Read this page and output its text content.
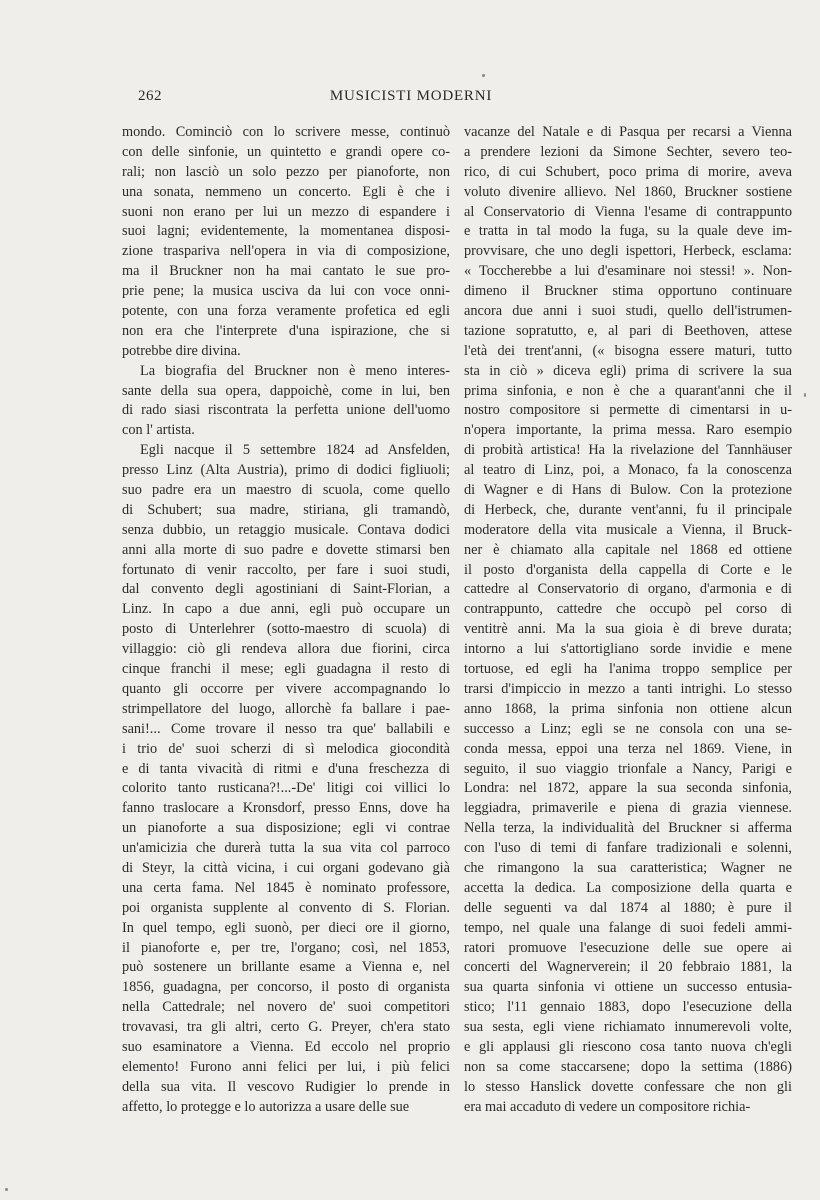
262	MUSICISTI MODERNI
mondo. Cominciò con lo scrivere messe, continuò
con delle sinfonie, un quintetto e grandi opere co-
rali; non lasciò un solo pezzo per pianoforte, non
una sonata, nemmeno un concerto. Egli è che i
suoni non erano per lui un mezzo di espandere i
suoi lagni; evidentemente, la momentanea disposi-
zione traspariva nell'opera in via di composizione,
ma il Bruckner non ha mai cantato le sue pro-
prie pene; la musica usciva da lui con voce onni-
potente, con una forza veramente profetica ed egli
non era che l'interprete d'una ispirazione, che si
potrebbe dire divina.
La biografia del Bruckner non è meno interes-
sante della sua opera, dappoichè, come in lui, ben
di rado siasi riscontrata la perfetta unione dell'uomo
con l' artista.
Egli nacque il 5 settembre 1824 ad Ansfelden,
presso Linz (Alta Austria), primo di dodici figliuoli;
suo padre era un maestro di scuola, come quello
di Schubert; sua madre, stiriana, gli tramandò,
senza dubbio, un retaggio musicale. Contava dodici
anni alla morte di suo padre e dovette stimarsi ben
fortunato di venir raccolto, per fare i suoi studi,
dal convento degli agostiniani di Saint-Florian, a
Linz. In capo a due anni, egli può occupare un
posto di Unterlehrer (sotto-maestro di scuola) di
villaggio: ciò gli rendeva allora due fiorini, circa
cinque franchi il mese; egli guadagna il resto di
quanto gli occorre per vivere accompagnando lo
strimpellatore del luogo, allorchè fa ballare i pae-
sani!... Come trovare il nesso tra que' ballabili e
i trio de' suoi scherzi di sì melodica giocondità
e di tanta vivacità di ritmi e d'una freschezza di
colorito tanto rusticana?!...-De' litigi coi villici lo
fanno traslocare a Kronsdorf, presso Enns, dove ha
un pianoforte a sua disposizione; egli vi contrae
un'amicizia che durerà tutta la sua vita col parroco
di Steyr, la città vicina, i cui organi godevano già
una certa fama. Nel 1845 è nominato professore,
poi organista supplente al convento di S. Florian.
In quel tempo, egli suonò, per dieci ore il giorno,
il pianoforte e, per tre, l'organo; così, nel 1853,
può sostenere un brillante esame a Vienna e, nel
1856, guadagna, per concorso, il posto di organista
nella Cattedrale; nel novero de' suoi competitori
trovavasi, tra gli altri, certo G. Preyer, ch'era stato
suo esaminatore a Vienna. Ed eccolo nel proprio
elemento! Furono anni felici per lui, i più felici
della sua vita. Il vescovo Rudigier lo prende in
affetto, lo protegge e lo autorizza a usare delle sue
vacanze del Natale e di Pasqua per recarsi a Vienna
a prendere lezioni da Simone Sechter, severo teo-
rico, di cui Schubert, poco prima di morire, aveva
voluto divenire allievo. Nel 1860, Bruckner sostiene
al Conservatorio di Vienna l'esame di contrappunto
e tratta in tal modo la fuga, su la quale deve im-
provvisare, che uno degli ispettori, Herbeck, esclama:
« Toccherebbe a lui d'esaminare noi stessi! ». Non-
dimeno il Bruckner stima opportuno continuare
ancora due anni i suoi studi, quello dell'istrumen-
tazione sopratutto, e, al pari di Beethoven, attese
l'età dei trent'anni, (« bisogna essere maturi, tutto
sta in ciò » diceva egli) prima di scrivere la sua
prima sinfonia, e non è che a quarant'anni che il
nostro compositore si permette di cimentarsi in u-
n'opera importante, la prima messa. Raro esempio
di probità artistica! Ha la rivelazione del Tannhäuser
al teatro di Linz, poi, a Monaco, fa la conoscenza
di Wagner e di Hans di Bulow. Con la protezione
di Herbeck, che, durante vent'anni, fu il principale
moderatore della vita musicale a Vienna, il Bruck-
ner è chiamato alla capitale nel 1868 ed ottiene
il posto d'organista della cappella di Corte e le
cattedre al Conservatorio di organo, d'armonia e di
contrappunto, cattedre che occupò pel corso di
ventitrè anni. Ma la sua gioia è di breve durata;
intorno a lui s'attortigliano sorde invidie e mene
tortuose, ed egli ha l'anima troppo semplice per
trarsi d'impiccio in mezzo a tanti intrighi. Lo stesso
anno 1868, la prima sinfonia non ottiene alcun
successo a Linz; egli se ne consola con una se-
conda messa, eppoi una terza nel 1869. Viene, in
seguito, il suo viaggio trionfale a Nancy, Parigi e
Londra: nel 1872, appare la sua seconda sinfonia,
leggiadra, primaverile e piena di grazia viennese.
Nella terza, la individualità del Bruckner si afferma
con l'uso di temi di fanfare tradizionali e solenni,
che rimangono la sua caratteristica; Wagner ne
accetta la dedica. La composizione della quarta e
delle seguenti va dal 1874 al 1880; è pure il
tempo, nel quale una falange di suoi fedeli ammi-
ratori promuove l'esecuzione delle sue opere ai
concerti del Wagnerverein; il 20 febbraio 1881, la
sua quarta sinfonia vi ottiene un successo entusia-
stico; l'11 gennaio 1883, dopo l'esecuzione della
sua sesta, egli viene richiamato innumerevoli volte,
e gli applausi gli riescono cosa tanto nuova ch'egli
non sa come staccarsene; dopo la settima (1886)
lo stesso Hanslick dovette confessare che non gli
era mai accaduto di vedere un compositore richia-
